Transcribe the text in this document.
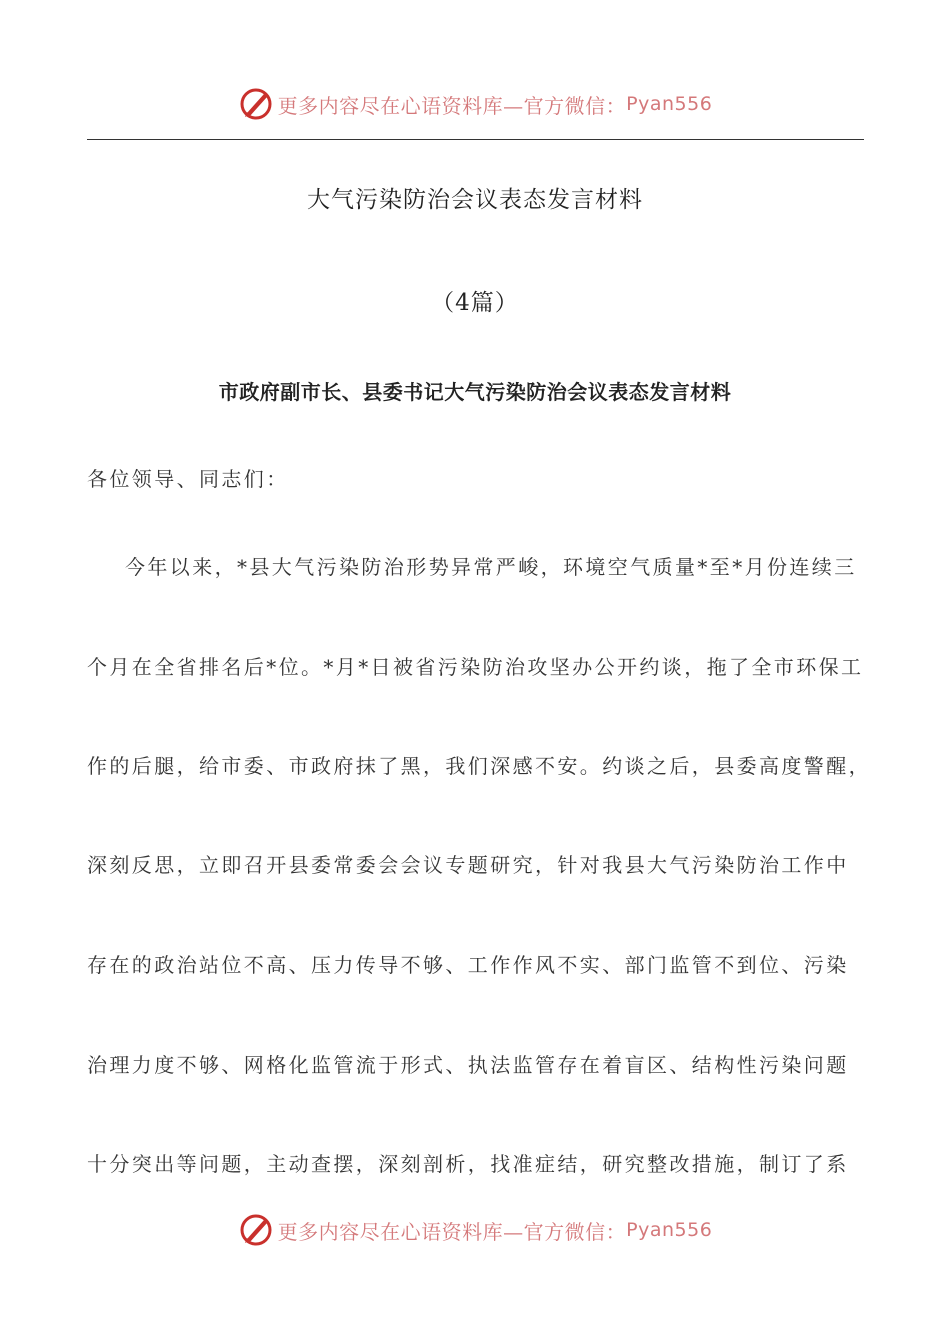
更多内容尽在心语资料库—官方微信： Pyan556
大气污染防治会议表态发言材料
（4篇）
市政府副市长、县委书记大气污染防治会议表态发言材料
各位领导、同志们：
今年以来，*县大气污染防治形势异常严峻，环境空气质量*至*月份连续三
个月在全省排名后*位。*月*日被省污染防治攻坚办公开约谈，拖了全市环保工
作的后腿，给市委、市政府抹了黑，我们深感不安。约谈之后，县委高度警醒，
深刻反思，立即召开县委常委会会议专题研究，针对我县大气污染防治工作中
存在的政治站位不高、压力传导不够、工作作风不实、部门监管不到位、污染
治理力度不够、网格化监管流于形式、执法监管存在着盲区、结构性污染问题
十分突出等问题，主动查摆，深刻剖析，找准症结，研究整改措施，制订了系
更多内容尽在心语资料库—官方微信： Pyan556
